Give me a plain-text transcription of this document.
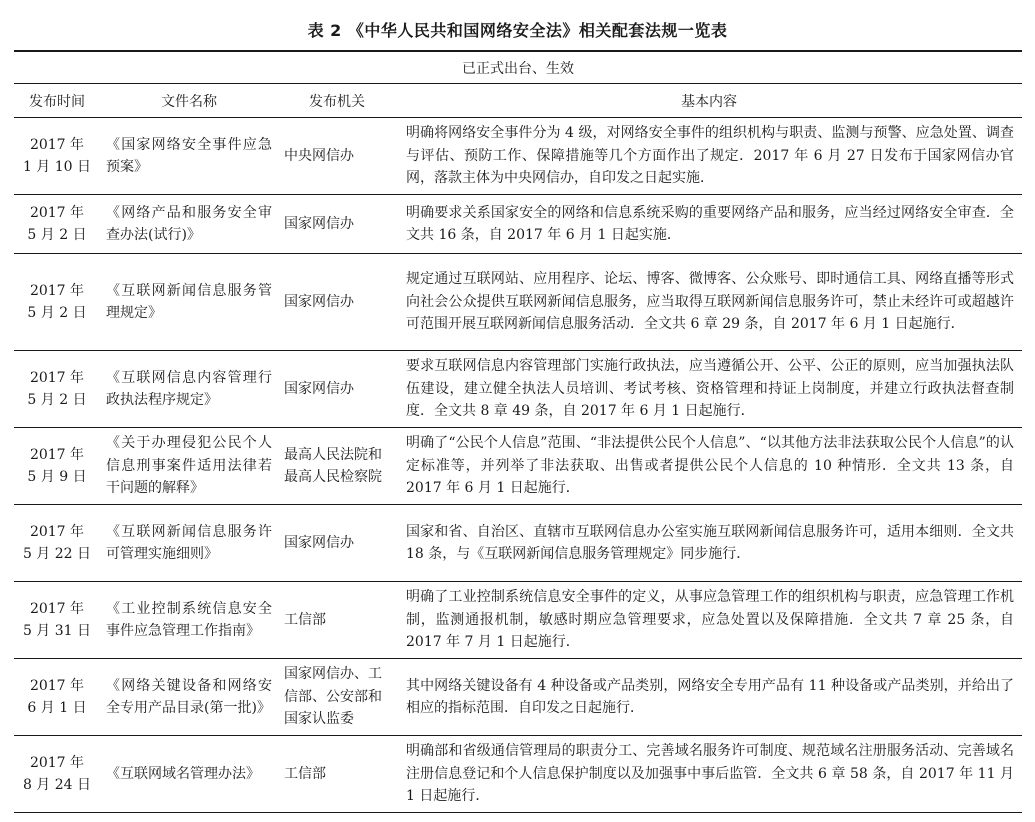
表 2 《中华人民共和国网络安全法》相关配套法规一览表
已正式出台、生效			
发布时间	文件名称	发布机关	基本内容

2017 年
1 月 10 日	《国家网络安全事件应急预案》	中央网信办	明确将网络安全事件分为 4 级，对网络安全事件的组织机构与职责、监测与预警、应急处置、调查与评估、预防工作、保障措施等几个方面作出了规定．2017 年 6 月 27 日发布于国家网信办官网，落款主体为中央网信办，自印发之日起实施．

2017 年
5 月 2 日	《网络产品和服务安全审查办法(试行)》	国家网信办	明确要求关系国家安全的网络和信息系统采购的重要网络产品和服务，应当经过网络安全审查．全文共 16 条，自 2017 年 6 月 1 日起实施．

2017 年
5 月 2 日	《互联网新闻信息服务管理规定》	国家网信办	规定通过互联网站、应用程序、论坛、博客、微博客、公众账号、即时通信工具、网络直播等形式向社会公众提供互联网新闻信息服务，应当取得互联网新闻信息服务许可，禁止未经许可或超越许可范围开展互联网新闻信息服务活动．全文共 6 章 29 条，自 2017 年 6 月 1 日起施行．

2017 年
5 月 2 日	《互联网信息内容管理行政执法程序规定》	国家网信办	要求互联网信息内容管理部门实施行政执法，应当遵循公开、公平、公正的原则，应当加强执法队伍建设，建立健全执法人员培训、考试考核、资格管理和持证上岗制度，并建立行政执法督查制度．全文共 8 章 49 条，自 2017 年 6 月 1 日起施行．

2017 年
5 月 9 日	《关于办理侵犯公民个人信息刑事案件适用法律若干问题的解释》	最高人民法院和最高人民检察院	明确了“公民个人信息”范围、“非法提供公民个人信息”、“以其他方法非法获取公民个人信息”的认定标准等，并列举了非法获取、出售或者提供公民个人信息的 10 种情形．全文共 13 条，自 2017 年 6 月 1 日起施行．

2017 年
5 月 22 日	《互联网新闻信息服务许可管理实施细则》	国家网信办	国家和省、自治区、直辖市互联网信息办公室实施互联网新闻信息服务许可，适用本细则．全文共 18 条，与《互联网新闻信息服务管理规定》同步施行．

2017 年
5 月 31 日	《工业控制系统信息安全事件应急管理工作指南》	工信部	明确了工业控制系统信息安全事件的定义，从事应急管理工作的组织机构与职责，应急管理工作机制，监测通报机制，敏感时期应急管理要求，应急处置以及保障措施．全文共 7 章 25 条，自 2017 年 7 月 1 日起施行．

2017 年
6 月 1 日	《网络关键设备和网络安全专用产品目录(第一批)》	国家网信办、工信部、公安部和国家认监委	其中网络关键设备有 4 种设备或产品类别，网络安全专用产品有 11 种设备或产品类别，并给出了相应的指标范围．自印发之日起施行．

2017 年
8 月 24 日	《互联网域名管理办法》	工信部	明确部和省级通信管理局的职责分工、完善域名服务许可制度、规范域名注册服务活动、完善域名注册信息登记和个人信息保护制度以及加强事中事后监管．全文共 6 章 58 条，自 2017 年 11 月 1 日起施行．
